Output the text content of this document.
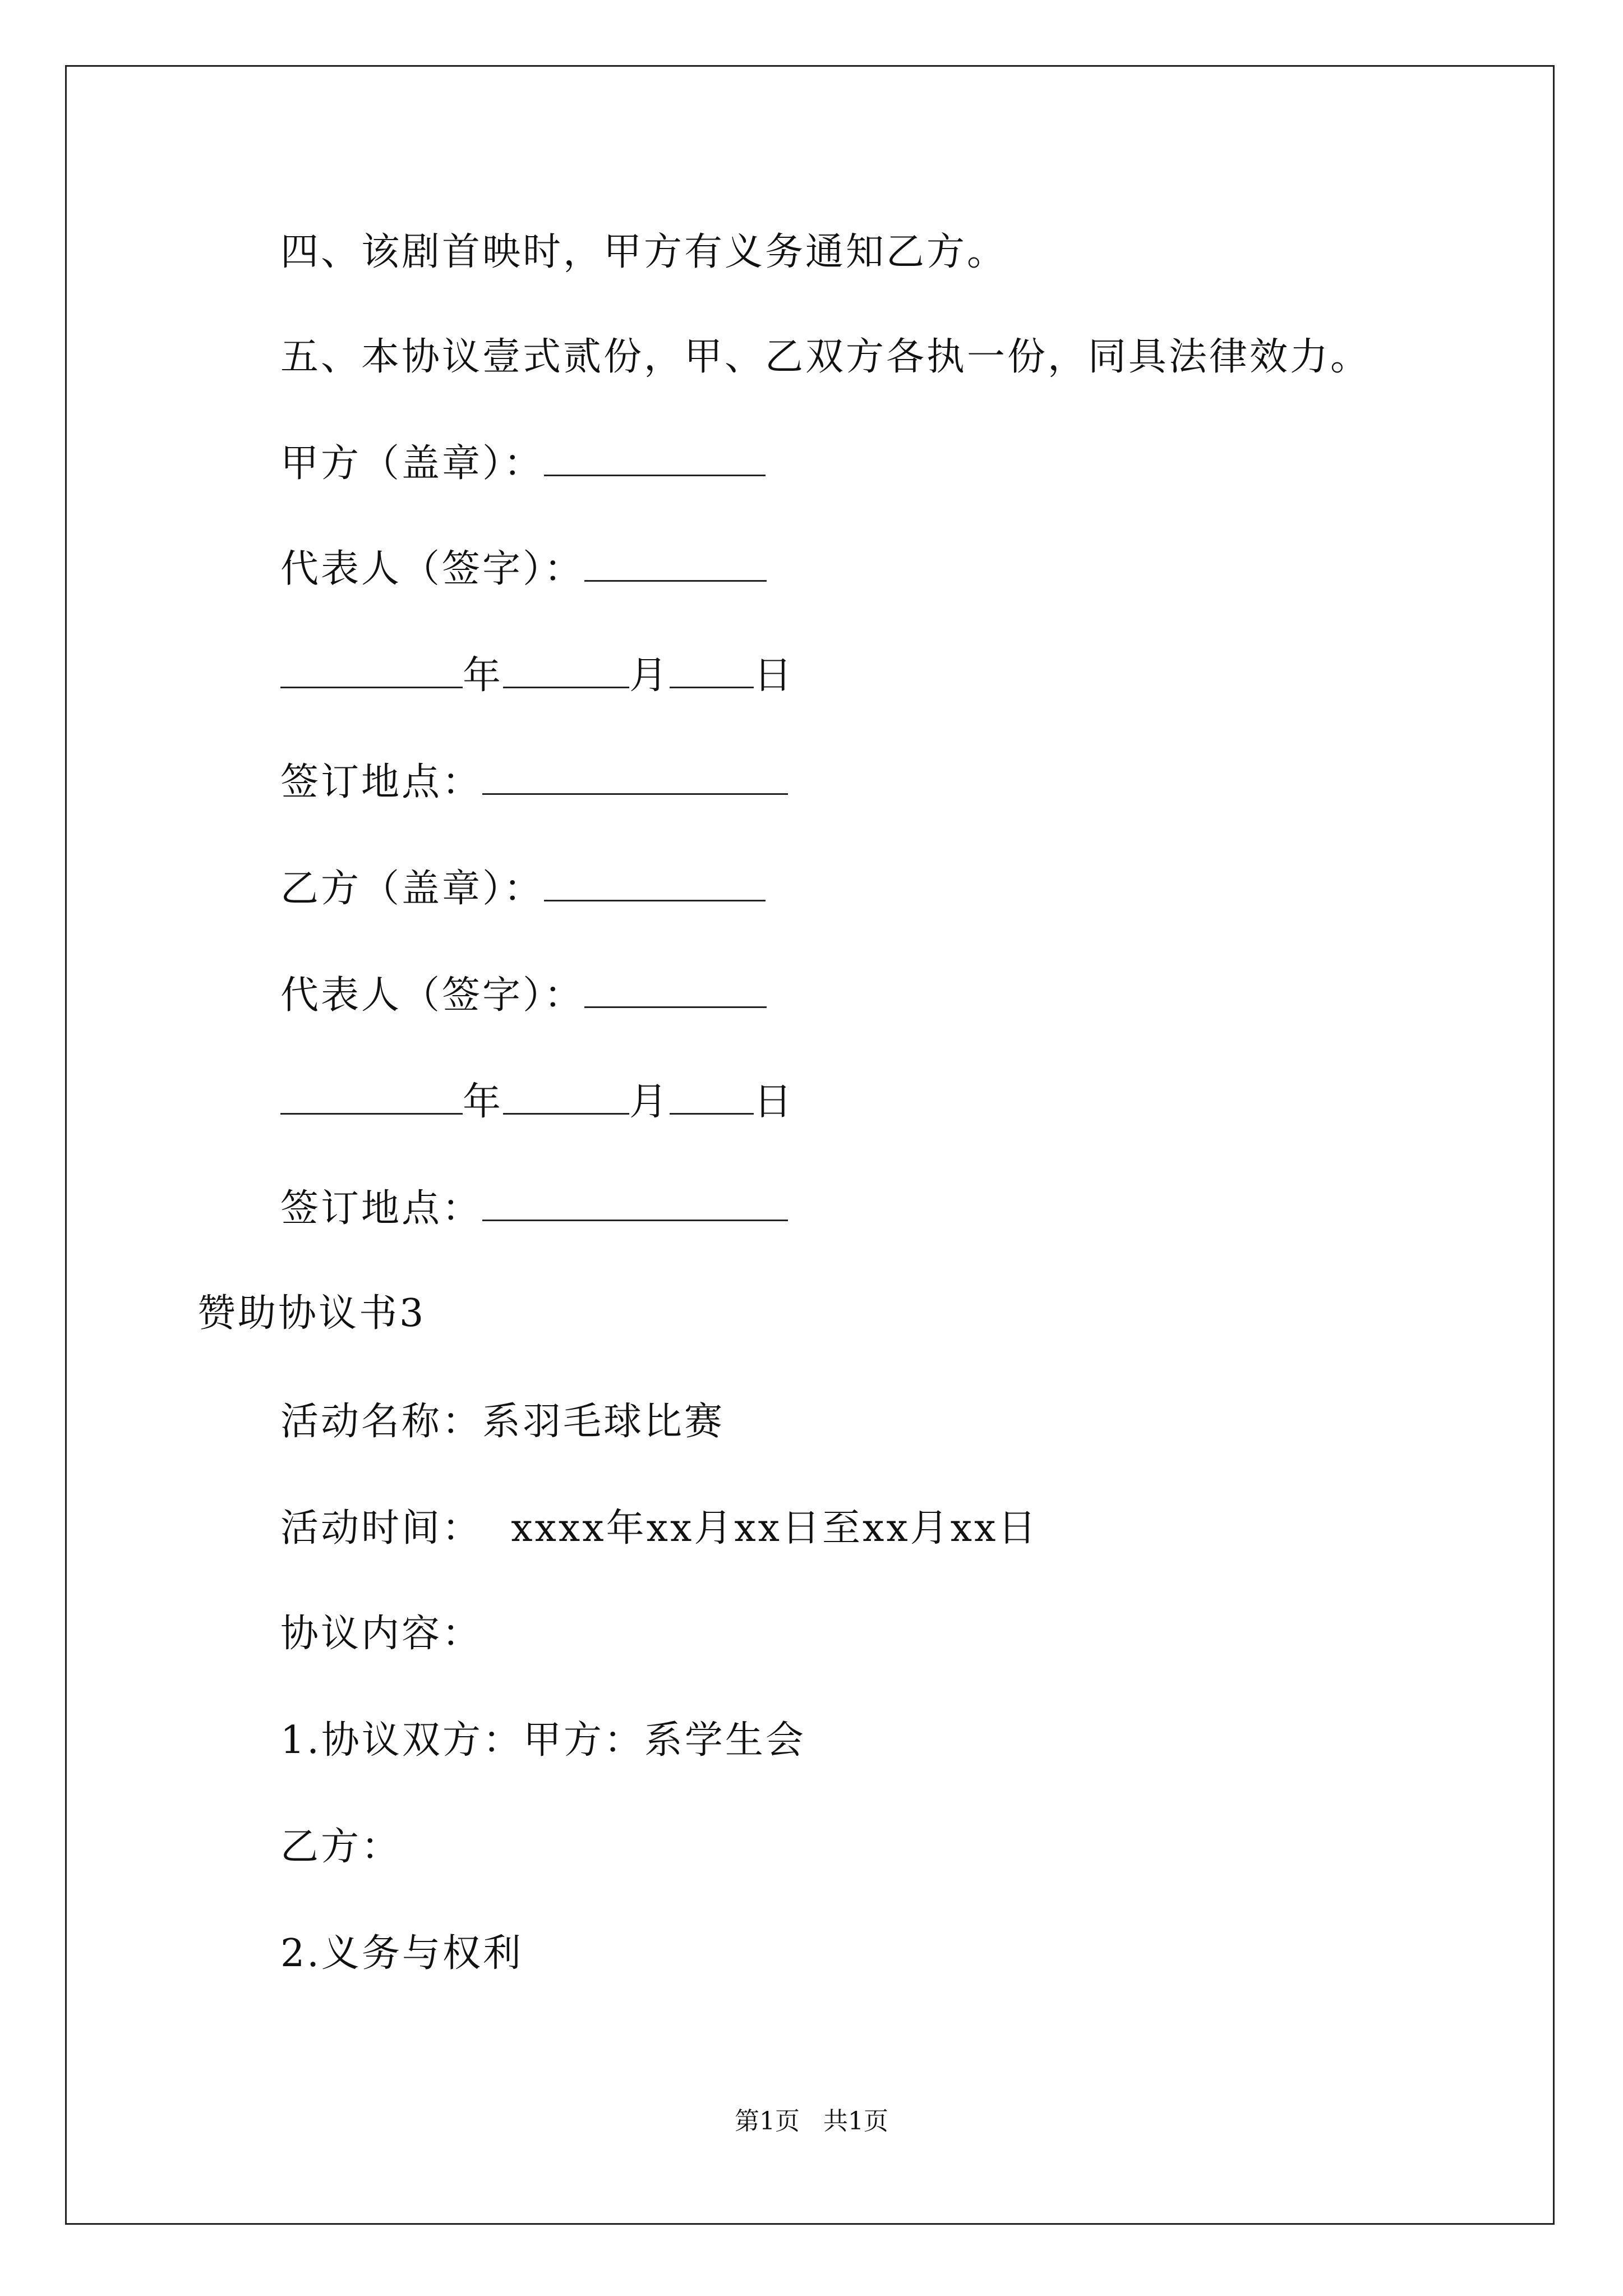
四、该剧首映时，甲方有义务通知乙方。
五、本协议壹式贰份，甲、乙双方各执一份，同具法律效力。
甲方（盖章）：
代表人（签字）：
年	月 日
签订地点：
乙方（盖章）：
代表人（签字）：
年	月 日
签订地点：
赞助协议书3
活动名称：系羽毛球比赛
活动时间：  xxxx年xx月xx日至xx月xx日
协议内容：
1.协议双方：甲方：系学生会
乙方：
2.义务与权利
第1页   共1页
